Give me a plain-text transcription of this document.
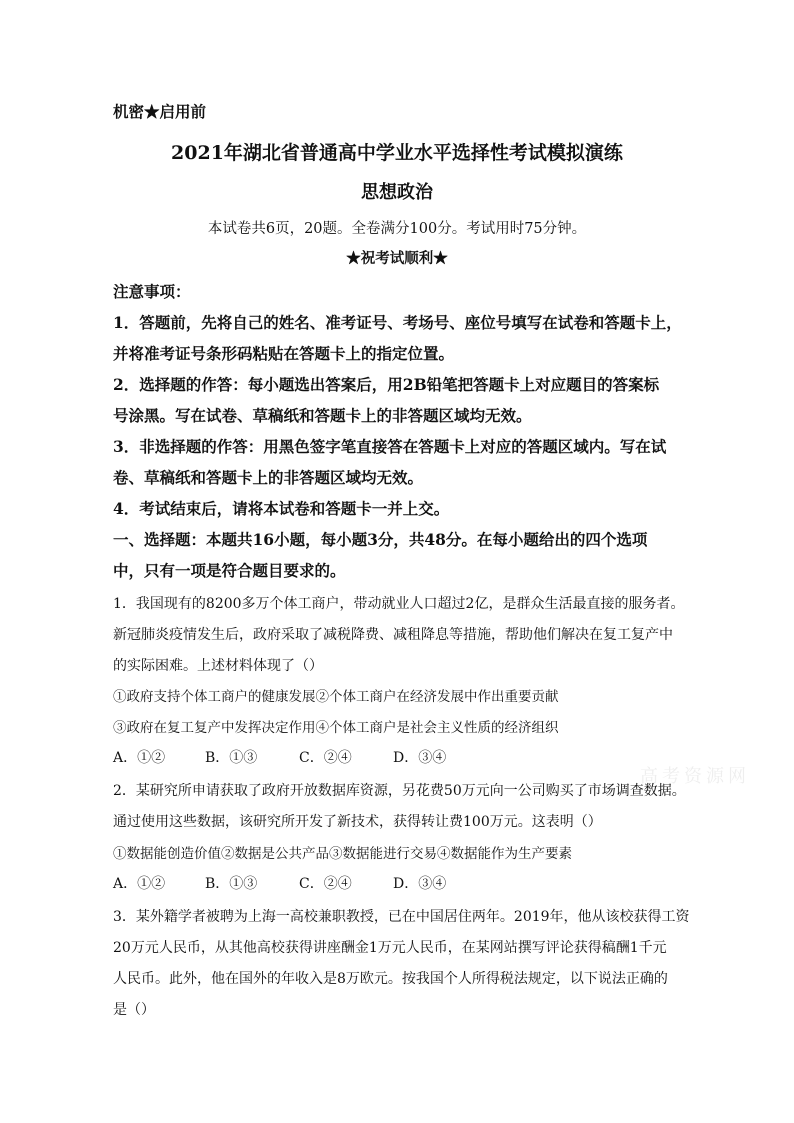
机密★启用前
2021年湖北省普通高中学业水平选择性考试模拟演练
思想政治
本试卷共6页，20题。全卷满分100分。考试用时75分钟。
★祝考试顺利★
注意事项：
1．答题前，先将自己的姓名、准考证号、考场号、座位号填写在试卷和答题卡上，
并将准考证号条形码粘贴在答题卡上的指定位置。
2．选择题的作答：每小题选出答案后，用2B铅笔把答题卡上对应题目的答案标
号涂黑。写在试卷、草稿纸和答题卡上的非答题区域均无效。
3．非选择题的作答：用黑色签字笔直接答在答题卡上对应的答题区域内。写在试
卷、草稿纸和答题卡上的非答题区域均无效。
4．考试结束后，请将本试卷和答题卡一并上交。
一、选择题：本题共16小题，每小题3分，共48分。在每小题给出的四个选项
中，只有一项是符合题目要求的。
1．我国现有的8200多万个体工商户，带动就业人口超过2亿，是群众生活最直接的服务者。
新冠肺炎疫情发生后，政府采取了减税降费、减租降息等措施，帮助他们解决在复工复产中
的实际困难。上述材料体现了（）
①政府支持个体工商户的健康发展②个体工商户在经济发展中作出重要贡献
③政府在复工复产中发挥决定作用④个体工商户是社会主义性质的经济组织
A．①②	B．①③	C．②④	D．③④
2．某研究所申请获取了政府开放数据库资源，另花费50万元向一公司购买了市场调查数据。
通过使用这些数据，该研究所开发了新技术，获得转让费100万元。这表明（）
①数据能创造价值②数据是公共产品③数据能进行交易④数据能作为生产要素
A．①②	B．①③	C．②④	D．③④
3．某外籍学者被聘为上海一高校兼职教授，已在中国居住两年。2019年，他从该校获得工资
20万元人民币，从其他高校获得讲座酬金1万元人民币，在某网站撰写评论获得稿酬1千元
人民币。此外，他在国外的年收入是8万欧元。按我国个人所得税法规定，以下说法正确的
是（）
高考资源网
